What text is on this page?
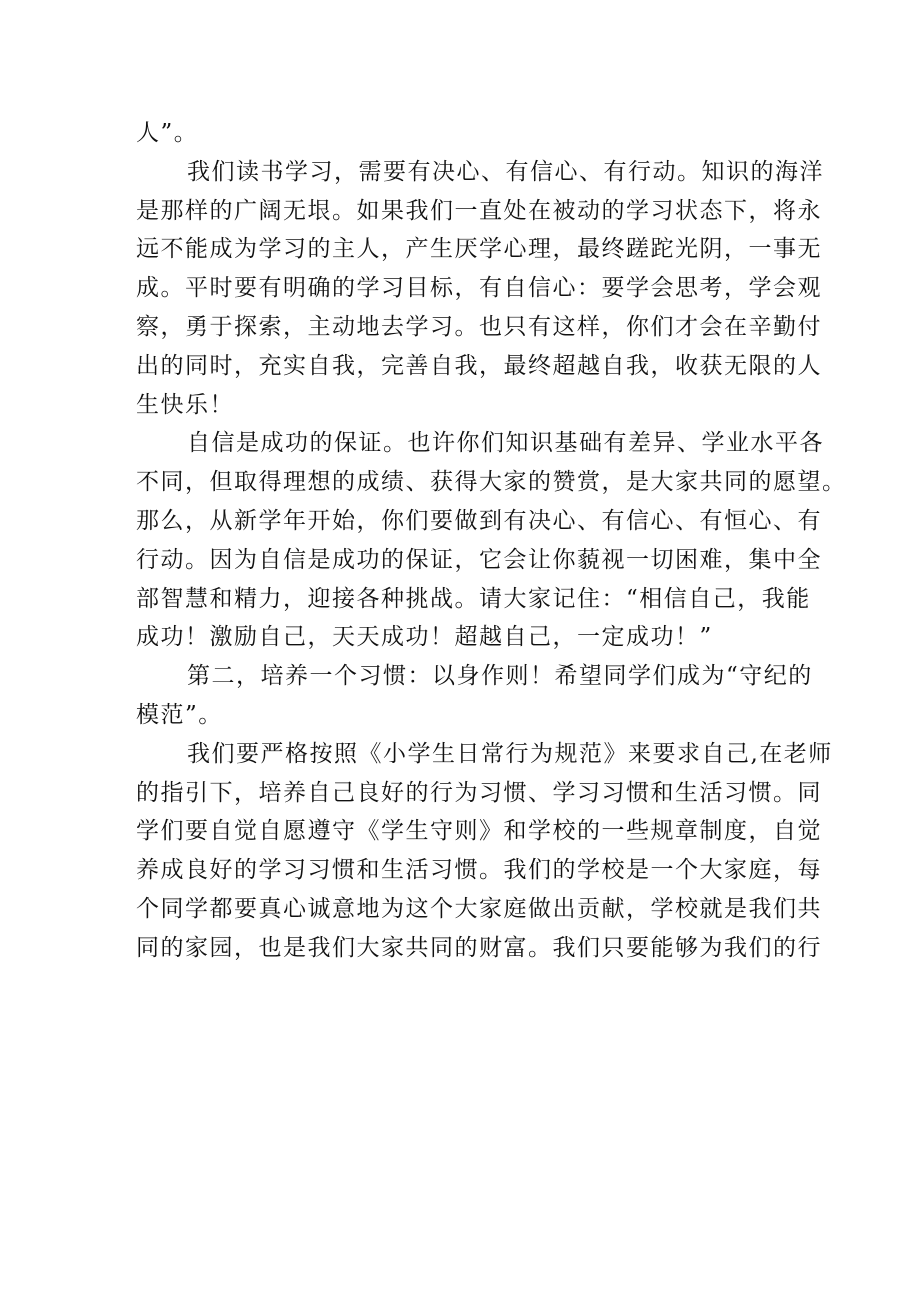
人”。
我们读书学习，需要有决心、有信心、有行动。知识的海洋
是那样的广阔无垠。如果我们一直处在被动的学习状态下，将永
远不能成为学习的主人，产生厌学心理，最终蹉跎光阴，一事无
成。平时要有明确的学习目标，有自信心：要学会思考，学会观
察，勇于探索，主动地去学习。也只有这样，你们才会在辛勤付
出的同时，充实自我，完善自我，最终超越自我，收获无限的人
生快乐！
自信是成功的保证。也许你们知识基础有差异、学业水平各
不同，但取得理想的成绩、获得大家的赞赏，是大家共同的愿望。
那么，从新学年开始，你们要做到有决心、有信心、有恒心、有
行动。因为自信是成功的保证，它会让你藐视一切困难，集中全
部智慧和精力，迎接各种挑战。请大家记住：“相信自己，我能
成功！激励自己，天天成功！超越自己，一定成功！”
第二，培养一个习惯：以身作则！希望同学们成为“守纪的
模范”。
我们要严格按照《小学生日常行为规范》来要求自己,在老师
的指引下，培养自己良好的行为习惯、学习习惯和生活习惯。同
学们要自觉自愿遵守《学生守则》和学校的一些规章制度，自觉
养成良好的学习习惯和生活习惯。我们的学校是一个大家庭，每
个同学都要真心诚意地为这个大家庭做出贡献，学校就是我们共
同的家园，也是我们大家共同的财富。我们只要能够为我们的行
